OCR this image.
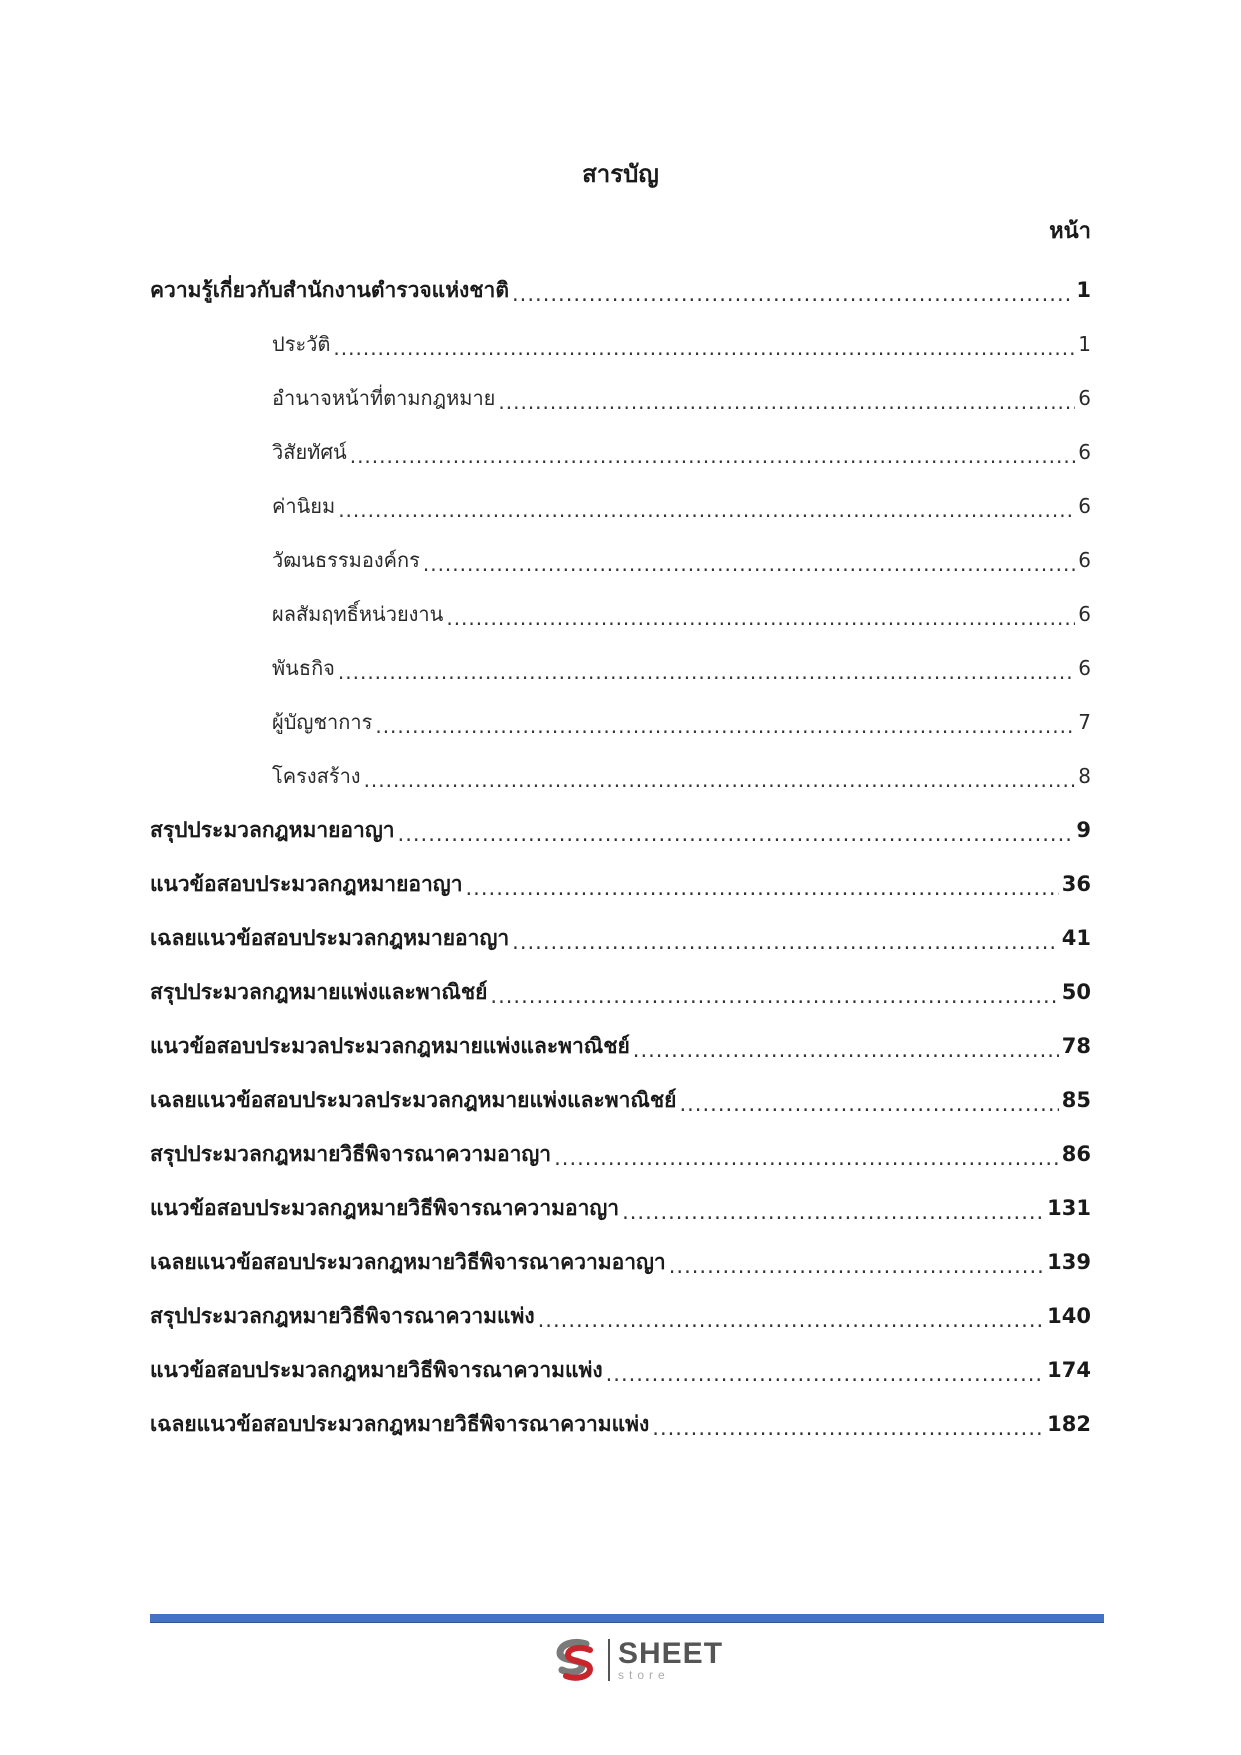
สารบัญ
หน้า
ความรู้เกี่ยวกับสำนักงานตำรวจแห่งชาติ .....	1
ประวัติ .....	1
อำนาจหน้าที่ตามกฎหมาย .....	6
วิสัยทัศน์ .....	6
ค่านิยม .....	6
วัฒนธรรมองค์กร .....	6
ผลสัมฤทธิ์หน่วยงาน .....	6
พันธกิจ .....	6
ผู้บัญชาการ .....	7
โครงสร้าง .....	8
สรุปประมวลกฎหมายอาญา .....	9
แนวข้อสอบประมวลกฎหมายอาญา .....	36
เฉลยแนวข้อสอบประมวลกฎหมายอาญา .....	41
สรุปประมวลกฎหมายแพ่งและพาณิชย์ .....	50
แนวข้อสอบประมวลประมวลกฎหมายแพ่งและพาณิชย์ .....	78
เฉลยแนวข้อสอบประมวลประมวลกฎหมายแพ่งและพาณิชย์ .....	85
สรุปประมวลกฎหมายวิธีพิจารณาความอาญา .....	86
แนวข้อสอบประมวลกฎหมายวิธีพิจารณาความอาญา .....	131
เฉลยแนวข้อสอบประมวลกฎหมายวิธีพิจารณาความอาญา .....	139
สรุปประมวลกฎหมายวิธีพิจารณาความแพ่ง .....	140
แนวข้อสอบประมวลกฎหมายวิธีพิจารณาความแพ่ง .....	174
เฉลยแนวข้อสอบประมวลกฎหมายวิธีพิจารณาความแพ่ง .....	182
SHEET
store
